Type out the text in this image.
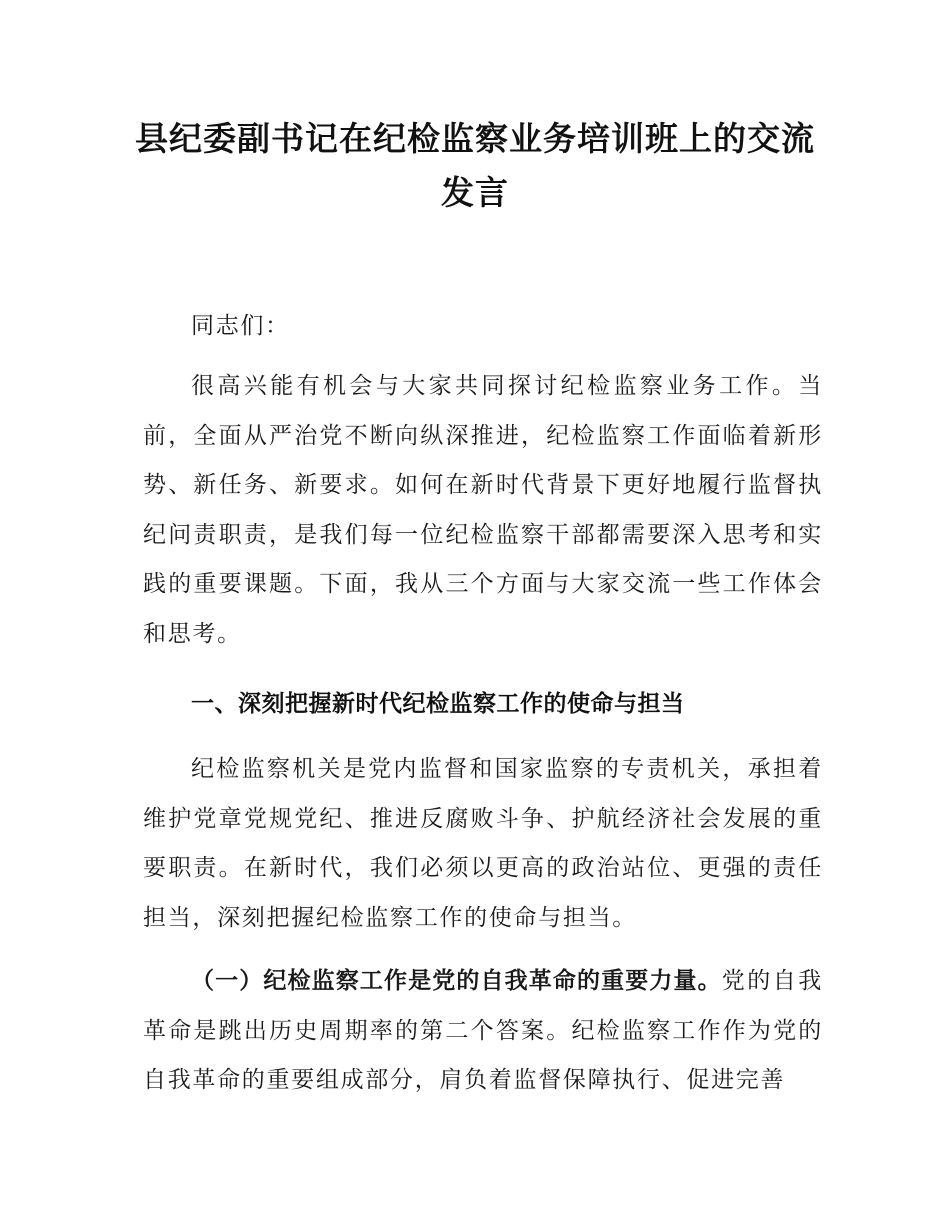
县纪委副书记在纪检监察业务培训班上的交流发言

同志们：

很高兴能有机会与大家共同探讨纪检监察业务工作。当前，全面从严治党不断向纵深推进，纪检监察工作面临着新形势、新任务、新要求。如何在新时代背景下更好地履行监督执纪问责职责，是我们每一位纪检监察干部都需要深入思考和实践的重要课题。下面，我从三个方面与大家交流一些工作体会和思考。

一、深刻把握新时代纪检监察工作的使命与担当

纪检监察机关是党内监督和国家监察的专责机关，承担着维护党章党规党纪、推进反腐败斗争、护航经济社会发展的重要职责。在新时代，我们必须以更高的政治站位、更强的责任担当，深刻把握纪检监察工作的使命与担当。

（一）纪检监察工作是党的自我革命的重要力量。党的自我革命是跳出历史周期率的第二个答案。纪检监察工作作为党的自我革命的重要组成部分，肩负着监督保障执行、促进完善
